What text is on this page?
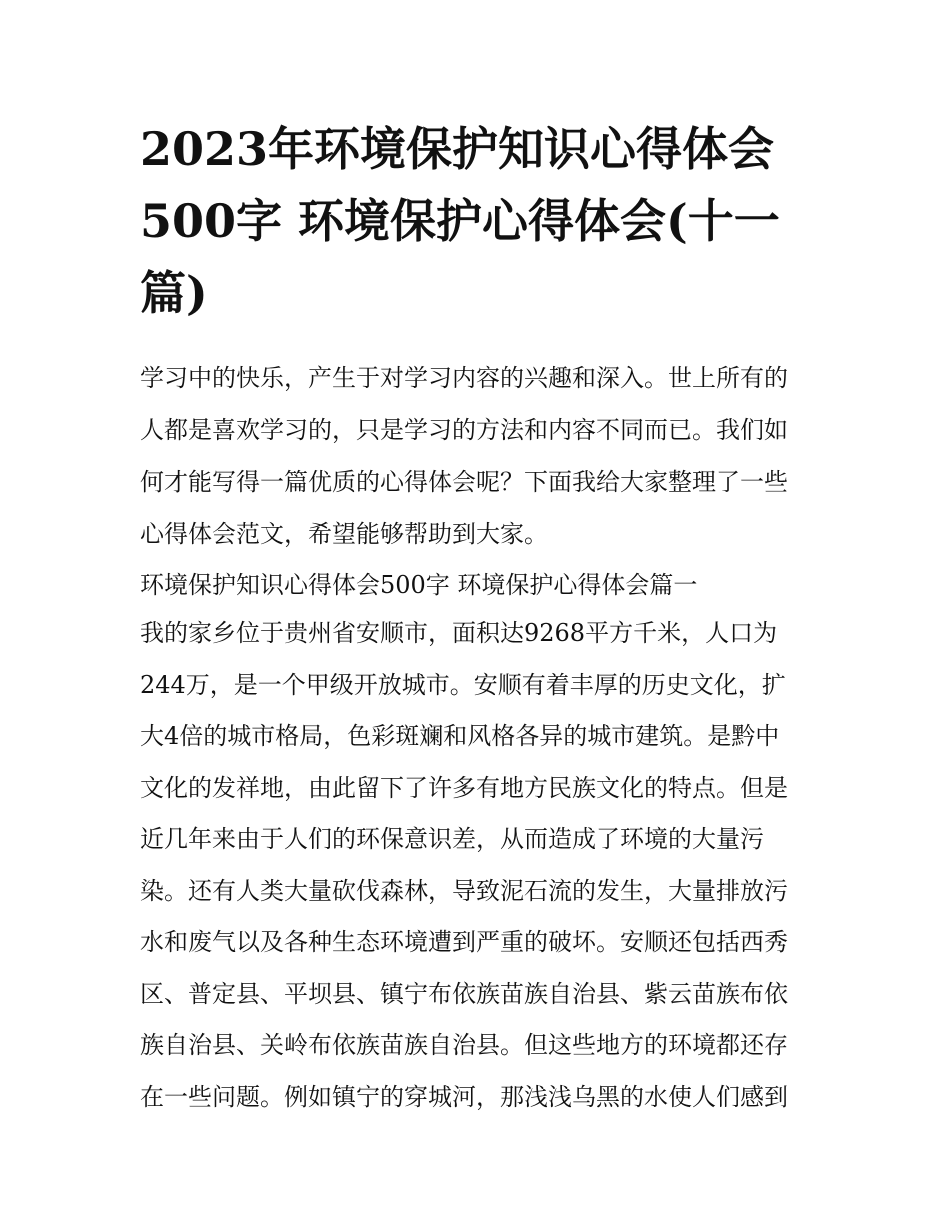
2023年环境保护知识心得体会
500字 环境保护心得体会(十一
篇)
学习中的快乐，产生于对学习内容的兴趣和深入。世上所有的
人都是喜欢学习的，只是学习的方法和内容不同而已。我们如
何才能写得一篇优质的心得体会呢？下面我给大家整理了一些
心得体会范文，希望能够帮助到大家。
环境保护知识心得体会500字 环境保护心得体会篇一
我的家乡位于贵州省安顺市，面积达9268平方千米，人口为
244万，是一个甲级开放城市。安顺有着丰厚的历史文化，扩
大4倍的城市格局，色彩斑斓和风格各异的城市建筑。是黔中
文化的发祥地，由此留下了许多有地方民族文化的特点。但是
近几年来由于人们的环保意识差，从而造成了环境的大量污
染。还有人类大量砍伐森林，导致泥石流的发生，大量排放污
水和废气以及各种生态环境遭到严重的破坏。安顺还包括西秀
区、普定县、平坝县、镇宁布依族苗族自治县、紫云苗族布依
族自治县、关岭布依族苗族自治县。但这些地方的环境都还存
在一些问题。例如镇宁的穿城河，那浅浅乌黑的水使人们感到
